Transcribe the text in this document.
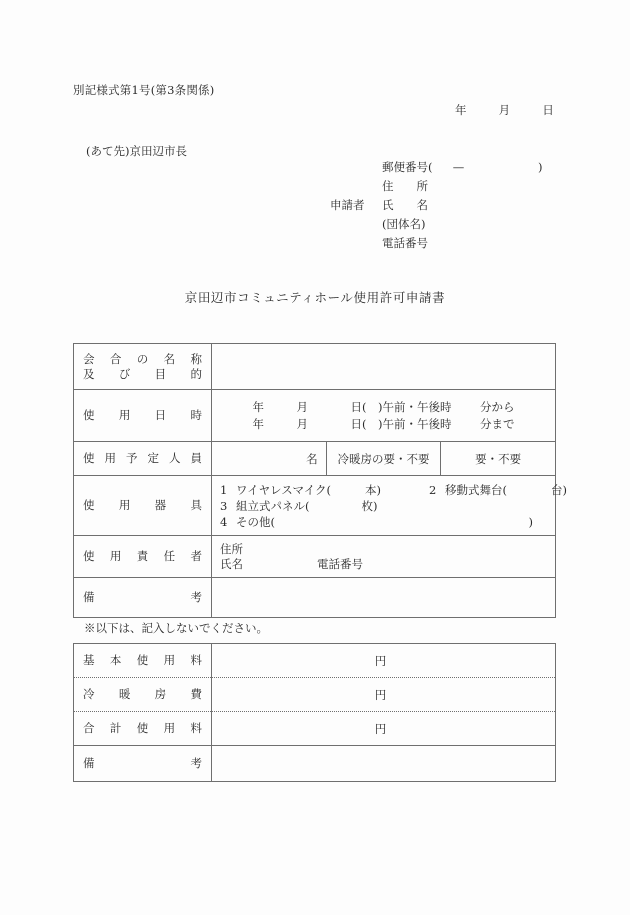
別記様式第1号(第3条関係)
年	月	日
(あて先)京田辺市長
郵便番号 (	—	)
住　　所
申請者	氏　　名
(団体名)
電話番号
京田辺市コミュニティホール使用許可申請書
会合の名称
及び目的			

使用日時	年 月 日(　)午前・午後時 分から
年 月 日(　)午前・午後時 分まで		

使用予定人員	名	冷暖房の要・不要	要・不要

使用器具	1 ワイヤレスマイク( 本) 2 移動式舞台( 台)
3 組立式パネル( 枚)
4 その他( )		

使用責任者	住所
氏名 電話番号		

備考			

※以下は、記入しないでください。
基本使用料	円

冷暖房費	円

合計使用料	円

備考	
